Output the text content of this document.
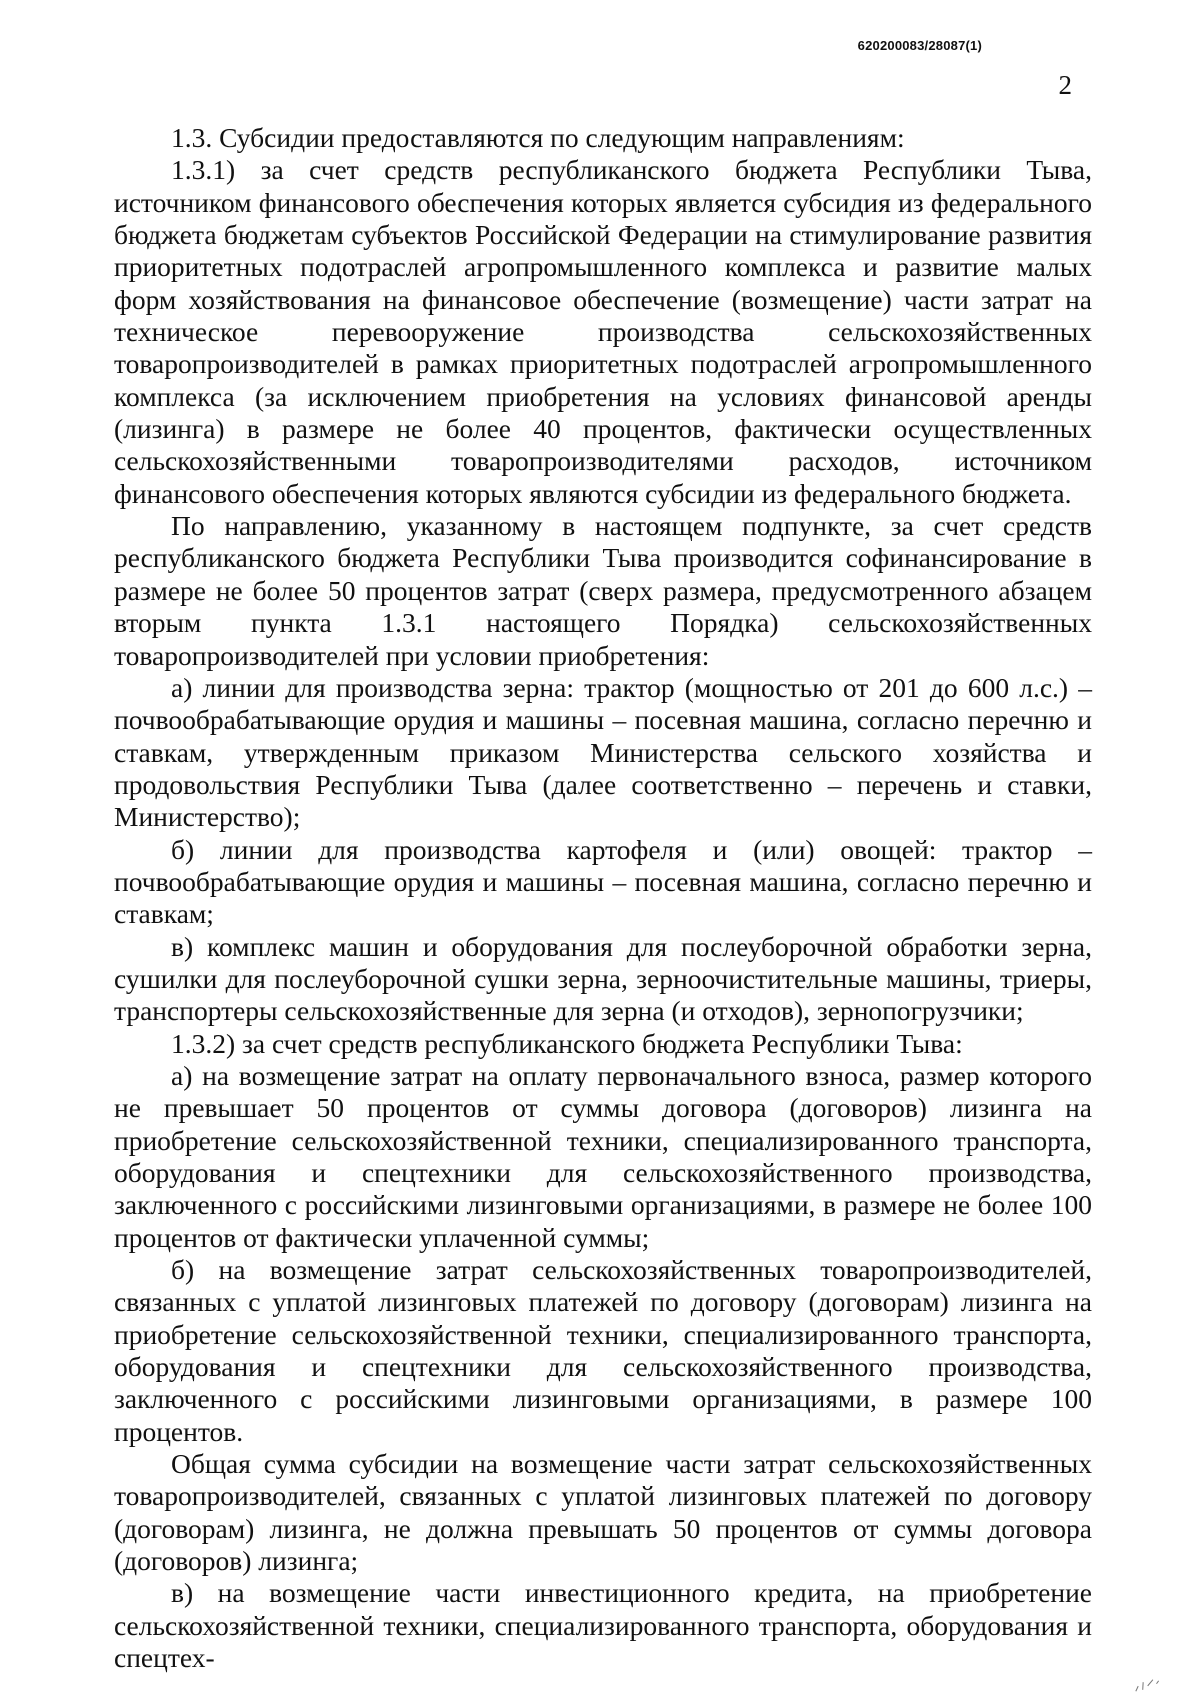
620200083/28087(1)
2

1.3. Субсидии предоставляются по следующим направлениям:

1.3.1) за счет средств республиканского бюджета Республики Тыва, источником финансового обеспечения которых является субсидия из федерального бюджета бюджетам субъектов Российской Федерации на стимулирование развития приоритетных подотраслей агропромышленного комплекса и развитие малых форм хозяйствования на финансовое обеспечение (возмещение) части затрат на техническое перевооружение производства сельскохозяйственных товаропроизводителей в рамках приоритетных подотраслей агропромышленного комплекса (за исключением приобретения на условиях финансовой аренды (лизинга) в размере не более 40 процентов, фактически осуществленных сельскохозяйственными товаропроизводителями расходов, источником финансового обеспечения которых являются субсидии из федерального бюджета.

По направлению, указанному в настоящем подпункте, за счет средств республиканского бюджета Республики Тыва производится софинансирование в размере не более 50 процентов затрат (сверх размера, предусмотренного абзацем вторым пункта 1.3.1 настоящего Порядка) сельскохозяйственных товаропроизводителей при условии приобретения:

а) линии для производства зерна: трактор (мощностью от 201 до 600 л.с.) – почвообрабатывающие орудия и машины – посевная машина, согласно перечню и ставкам, утвержденным приказом Министерства сельского хозяйства и продовольствия Республики Тыва (далее соответственно – перечень и ставки, Министерство);

б) линии для производства картофеля и (или) овощей: трактор – почвообрабатывающие орудия и машины – посевная машина, согласно перечню и ставкам;

в) комплекс машин и оборудования для послеуборочной обработки зерна, сушилки для послеуборочной сушки зерна, зерноочистительные машины, триеры, транспортеры сельскохозяйственные для зерна (и отходов), зернопогрузчики;

1.3.2) за счет средств республиканского бюджета Республики Тыва:

а) на возмещение затрат на оплату первоначального взноса, размер которого не превышает 50 процентов от суммы договора (договоров) лизинга на приобретение сельскохозяйственной техники, специализированного транспорта, оборудования и спецтехники для сельскохозяйственного производства, заключенного с российскими лизинговыми организациями, в размере не более 100 процентов от фактически уплаченной суммы;

б) на возмещение затрат сельскохозяйственных товаропроизводителей, связанных с уплатой лизинговых платежей по договору (договорам) лизинга на приобретение сельскохозяйственной техники, специализированного транспорта, оборудования и спецтехники для сельскохозяйственного производства, заключенного с российскими лизинговыми организациями, в размере 100 процентов.

Общая сумма субсидии на возмещение части затрат сельскохозяйственных товаропроизводителей, связанных с уплатой лизинговых платежей по договору (договорам) лизинга, не должна превышать 50 процентов от суммы договора (договоров) лизинга;

в) на возмещение части инвестиционного кредита, на приобретение сельскохозяйственной техники, специализированного транспорта, оборудования и спецтех-
